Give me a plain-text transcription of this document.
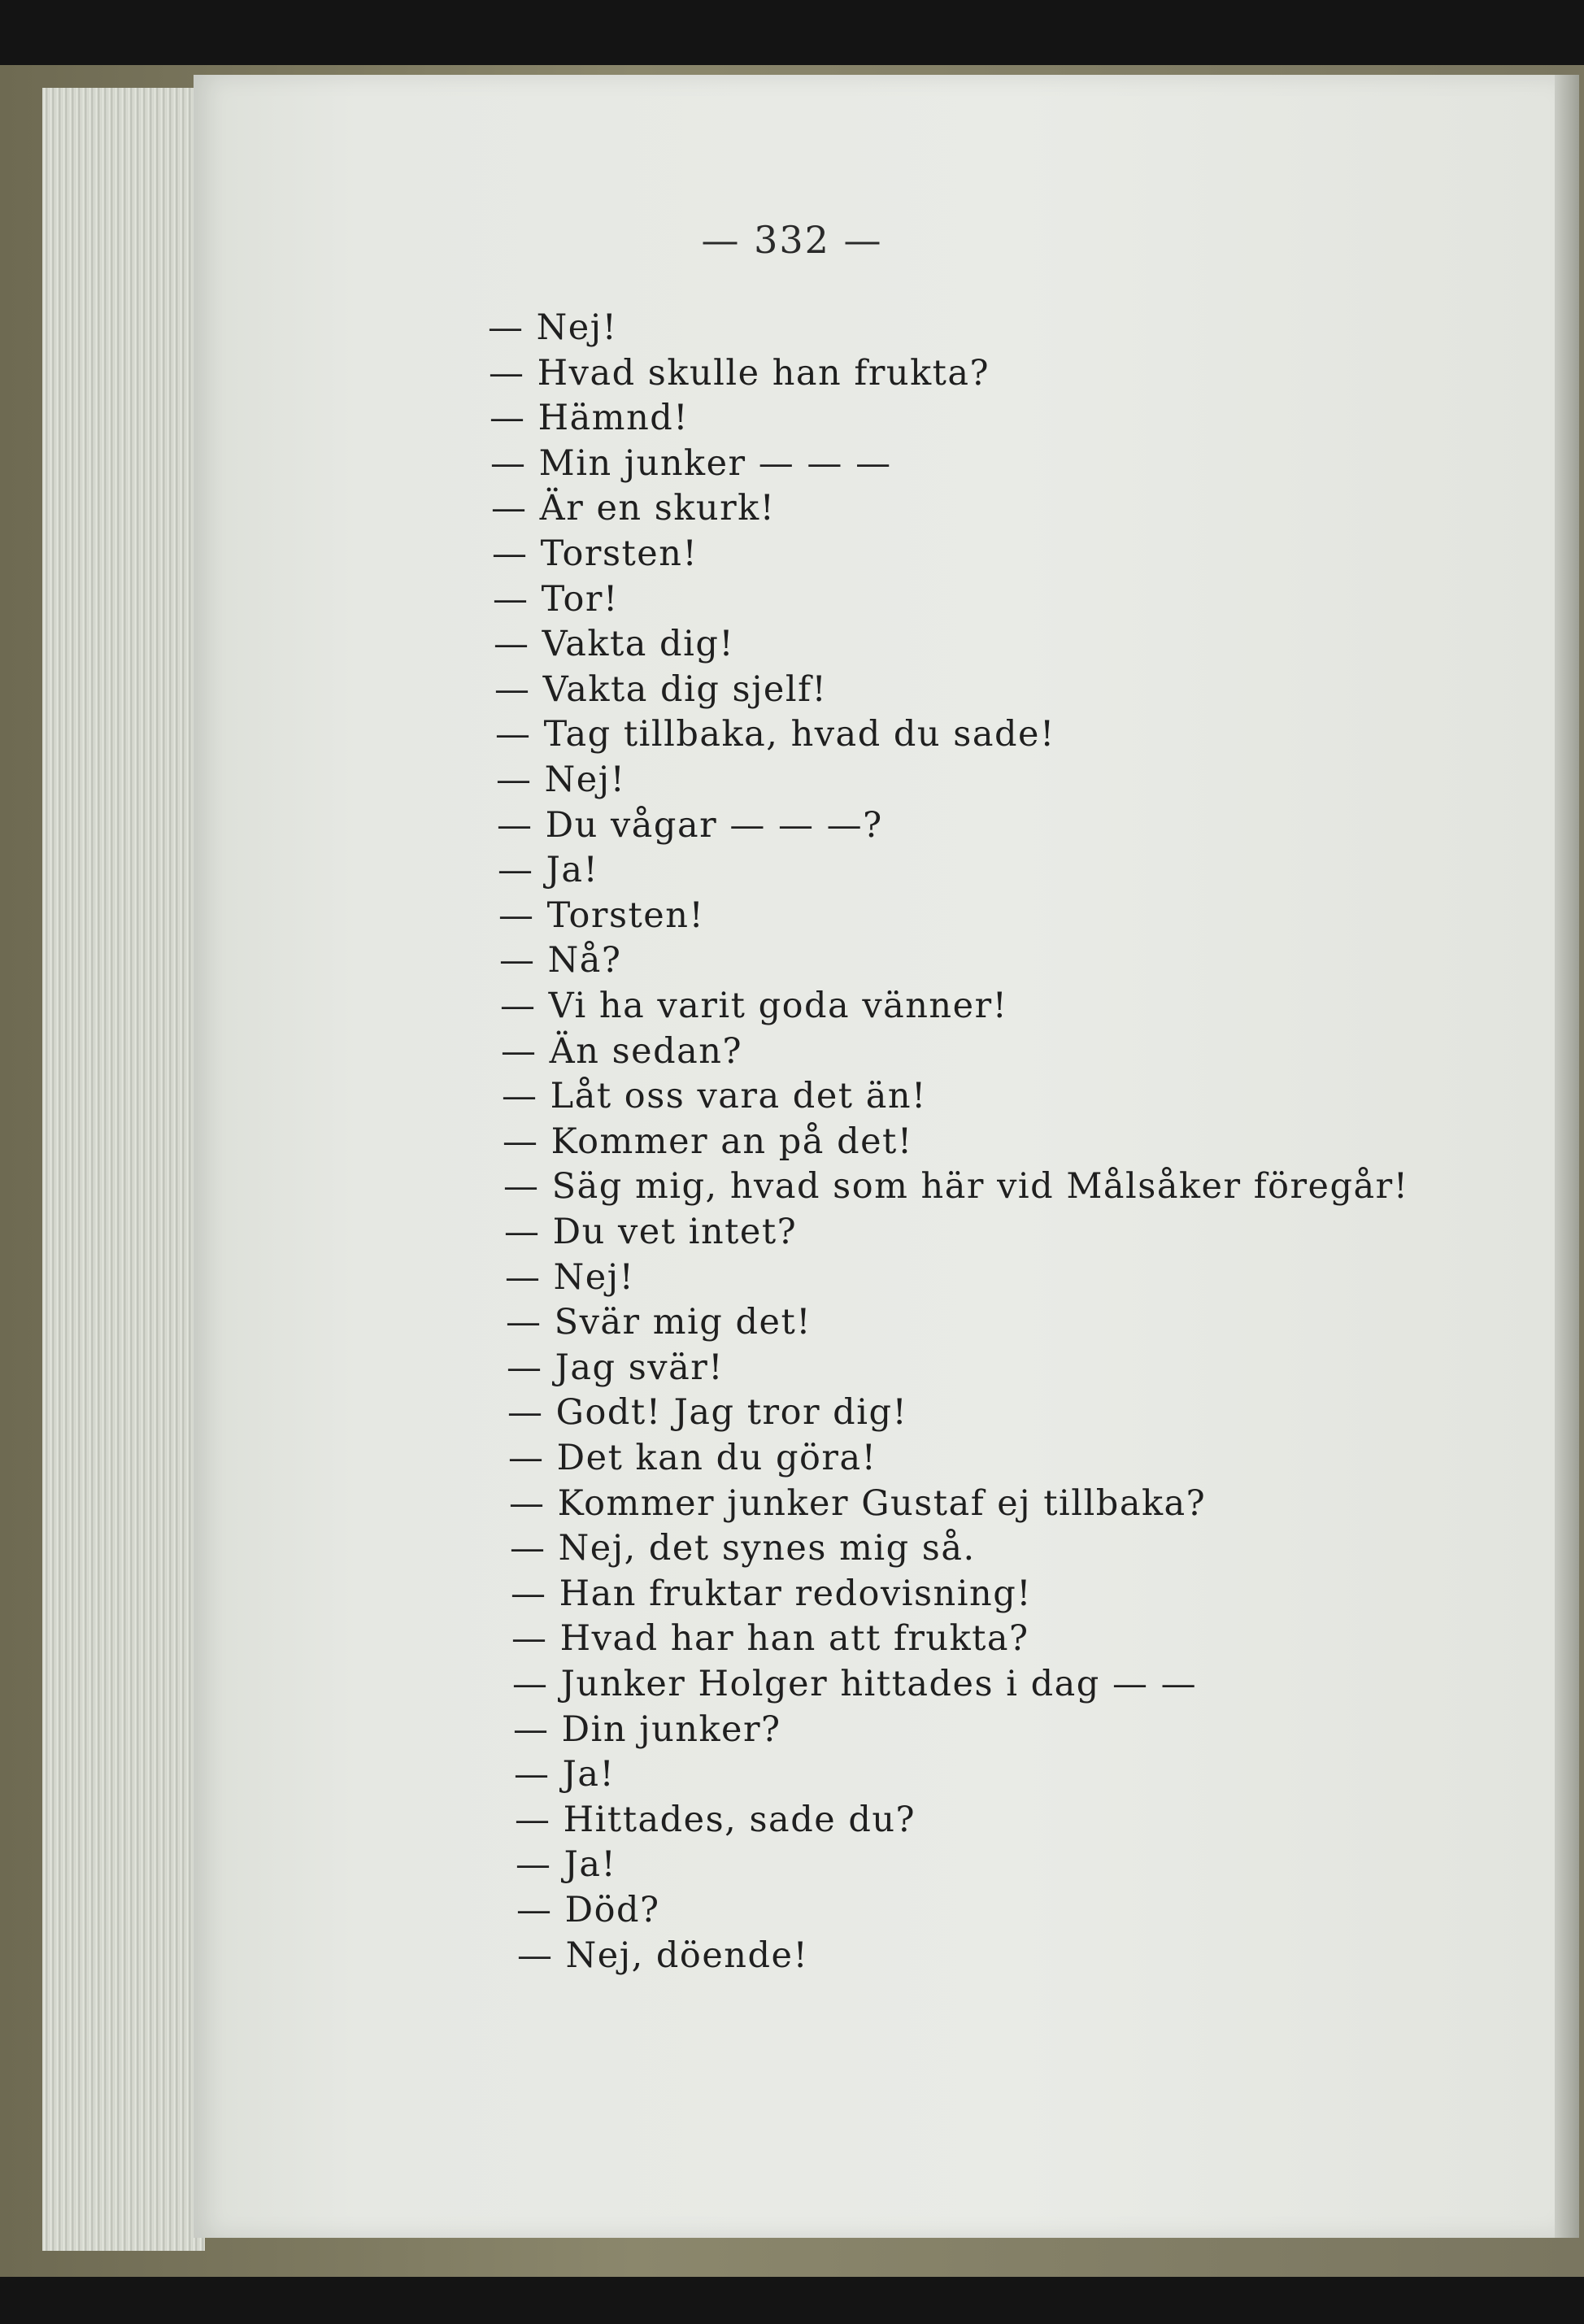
— 332 —
— Nej!
— Hvad skulle han frukta?
— Hämnd!
— Min junker — — —
— Är en skurk!
— Torsten!
— Tor!
— Vakta dig!
— Vakta dig sjelf!
— Tag tillbaka, hvad du sade!
— Nej!
— Du vågar — — —?
— Ja!
— Torsten!
— Nå?
— Vi ha varit goda vänner!
— Än sedan?
— Låt oss vara det än!
— Kommer an på det!
— Säg mig, hvad som här vid Målsåker föregår!
— Du vet intet?
— Nej!
— Svär mig det!
— Jag svär!
— Godt! Jag tror dig!
— Det kan du göra!
— Kommer junker Gustaf ej tillbaka?
— Nej, det synes mig så.
— Han fruktar redovisning!
— Hvad har han att frukta?
— Junker Holger hittades i dag — —
— Din junker?
— Ja!
— Hittades, sade du?
— Ja!
— Död?
— Nej, döende!
